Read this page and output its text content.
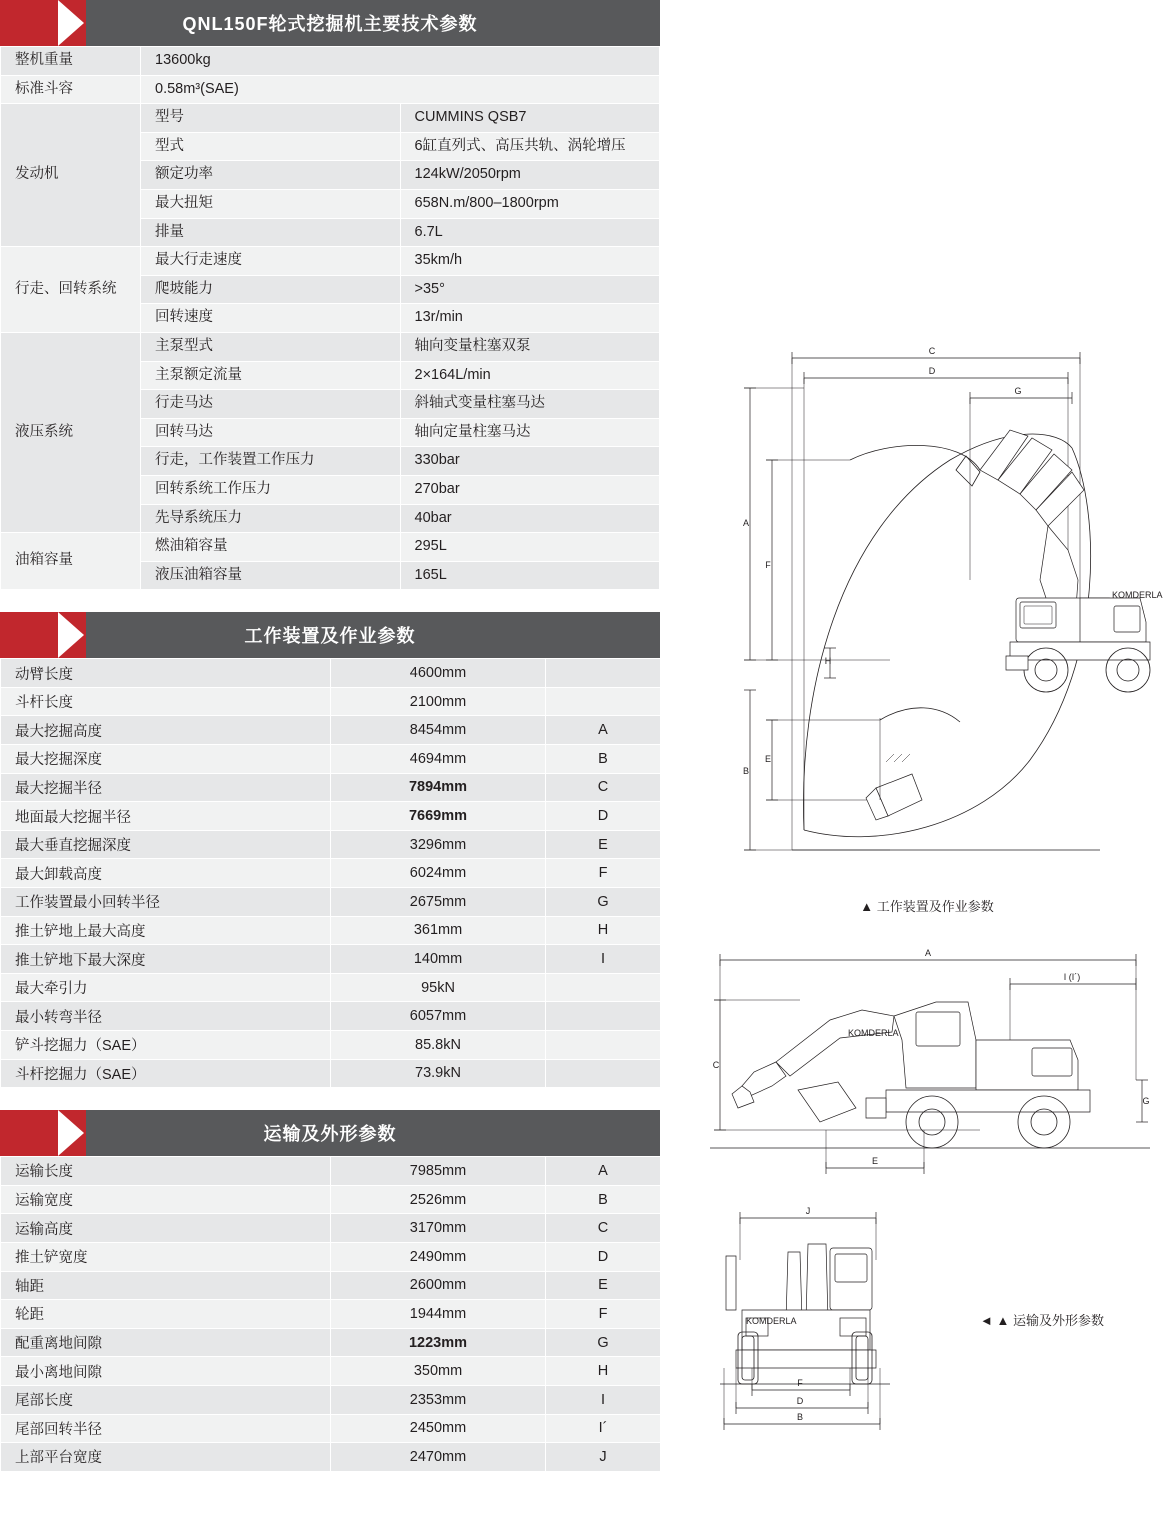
QNL150F轮式挖掘机主要技术参数
整机重量	13600kg	
标准斗容	0.58m³(SAE)	
发动机	型号	CUMMINS QSB7
	型式	6缸直列式、高压共轨、涡轮增压
	额定功率	124kW/2050rpm
	最大扭矩	658N.m/800–1800rpm
	排量	6.7L
行走、回转系统	最大行走速度	35km/h
	爬坡能力	>35°
	回转速度	13r/min
液压系统	主泵型式	轴向变量柱塞双泵
	主泵额定流量	2×164L/min
	行走马达	斜轴式变量柱塞马达
	回转马达	轴向定量柱塞马达
	行走，工作装置工作压力	330bar
	回转系统工作压力	270bar
	先导系统压力	40bar
油箱容量	燃油箱容量	295L
	液压油箱容量	165L
工作装置及作业参数
动臂长度	4600mm	
斗杆长度	2100mm	
最大挖掘高度	8454mm	A
最大挖掘深度	4694mm	B
最大挖掘半径	7894mm	C
地面最大挖掘半径	7669mm	D
最大垂直挖掘深度	3296mm	E
最大卸载高度	6024mm	F
工作装置最小回转半径	2675mm	G
推土铲地上最大高度	361mm	H
推土铲地下最大深度	140mm	I
最大牵引力	95kN	
最小转弯半径	6057mm	
铲斗挖掘力（SAE）	85.8kN	
斗杆挖掘力（SAE）	73.9kN	
运输及外形参数
运输长度	7985mm	A
运输宽度	2526mm	B
运输高度	3170mm	C
推土铲宽度	2490mm	D
轴距	2600mm	E
轮距	1944mm	F
配重离地间隙	1223mm	G
最小离地间隙	350mm	H
尾部长度	2353mm	I
尾部回转半径	2450mm	I´
上部平台宽度	2470mm	J
C
D
G
A
F
B
E
H
KOMDERLA
▲ 工作装置及作业参数
A
I (I´)
C
G
E
KOMDERLA
J
F
D
B
KOMDERLA	◄ ▲ 运输及外形参数
